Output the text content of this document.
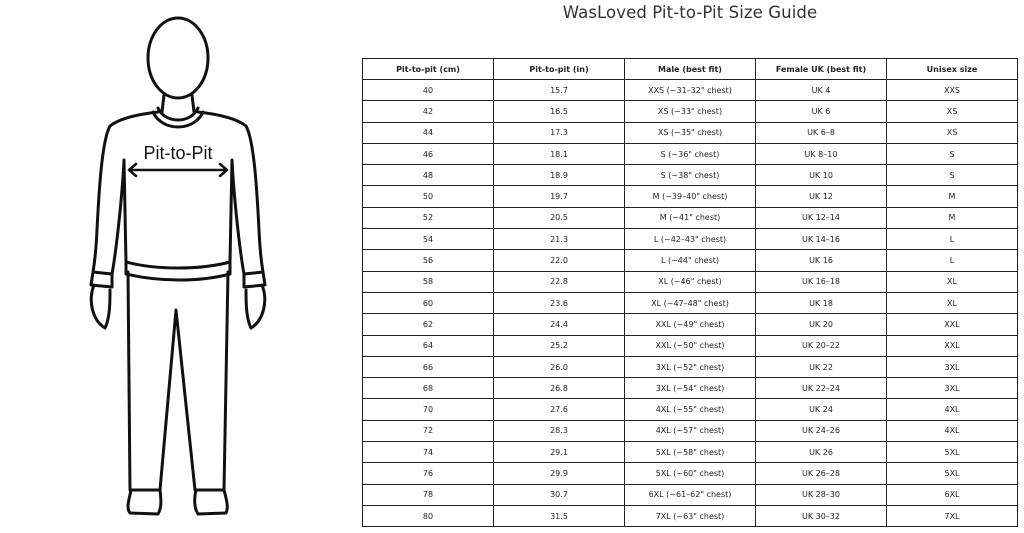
Pit-to-Pit
WasLoved Pit-to-Pit Size Guide
Pit-to-pit (cm)	Pit-to-pit (in)	Male (best fit)	Female UK (best fit)	Unisex size
40	15.7	XXS (~31–32" chest)	UK 4	XXS
42	16.5	XS (~33" chest)	UK 6	XS
44	17.3	XS (~35" chest)	UK 6–8	XS
46	18.1	S (~36" chest)	UK 8–10	S
48	18.9	S (~38" chest)	UK 10	S
50	19.7	M (~39–40" chest)	UK 12	M
52	20.5	M (~41" chest)	UK 12–14	M
54	21.3	L (~42–43" chest)	UK 14–16	L
56	22.0	L (~44" chest)	UK 16	L
58	22.8	XL (~46" chest)	UK 16–18	XL
60	23.6	XL (~47–48" chest)	UK 18	XL
62	24.4	XXL (~49" chest)	UK 20	XXL
64	25.2	XXL (~50" chest)	UK 20–22	XXL
66	26.0	3XL (~52" chest)	UK 22	3XL
68	26.8	3XL (~54" chest)	UK 22–24	3XL
70	27.6	4XL (~55" chest)	UK 24	4XL
72	28.3	4XL (~57" chest)	UK 24–26	4XL
74	29.1	5XL (~58" chest)	UK 26	5XL
76	29.9	5XL (~60" chest)	UK 26–28	5XL
78	30.7	6XL (~61–62" chest)	UK 28–30	6XL
80	31.5	7XL (~63" chest)	UK 30–32	7XL
